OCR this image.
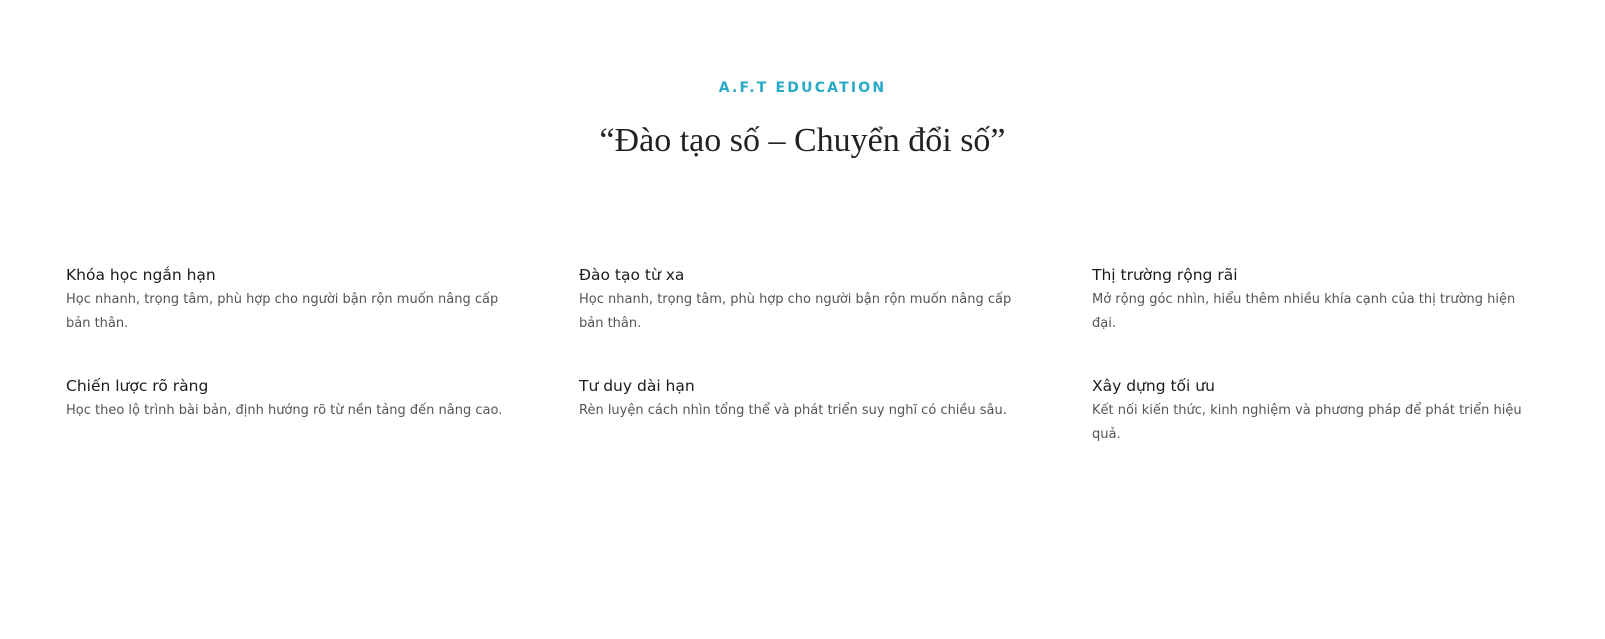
A.F.T EDUCATION
“Đào tạo số – Chuyển đổi số”
Khóa học ngắn hạn

Học nhanh, trọng tâm, phù hợp cho người bận rộn muốn nâng cấp bản thân.

Đào tạo từ xa

Học nhanh, trọng tâm, phù hợp cho người bận rộn muốn nâng cấp bản thân.

Thị trường rộng rãi

Mở rộng góc nhìn, hiểu thêm nhiều khía cạnh của thị trường hiện đại.

Chiến lược rõ ràng

Học theo lộ trình bài bản, định hướng rõ từ nền tảng đến nâng cao.

Tư duy dài hạn

Rèn luyện cách nhìn tổng thể và phát triển suy nghĩ có chiều sâu.

Xây dựng tối ưu

Kết nối kiến thức, kinh nghiệm và phương pháp để phát triển hiệu quả.
